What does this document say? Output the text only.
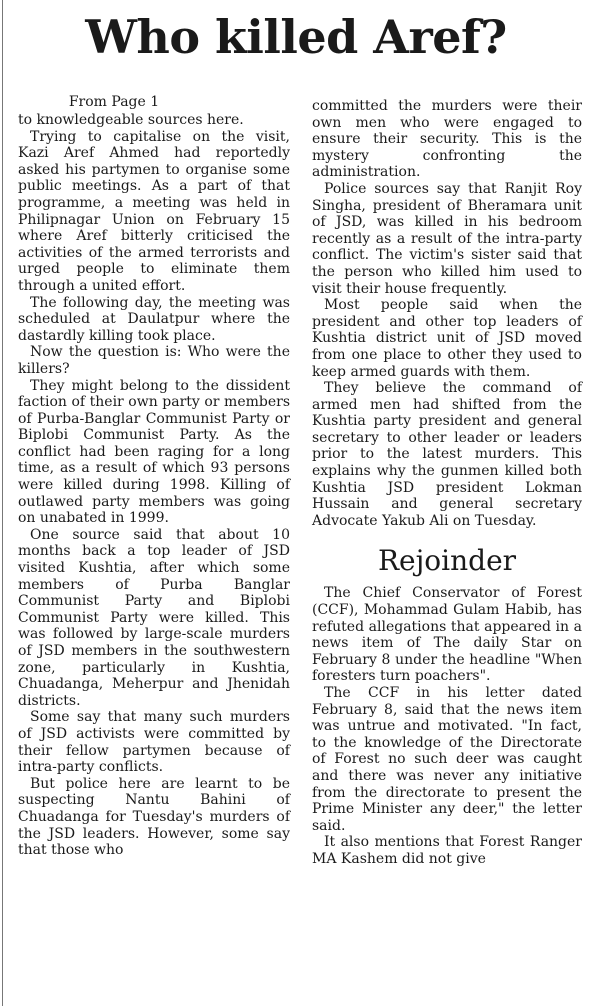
Who killed Aref?
From Page 1

to knowledgeable sources here.

Trying to capitalise on the visit, Kazi Aref Ahmed had reportedly asked his partymen to organise some public meetings. As a part of that programme, a meeting was held in Philipnagar Union on February 15 where Aref bitterly criticised the activities of the armed terrorists and urged people to eliminate them through a united effort.

The following day, the meeting was scheduled at Daulatpur where the dastardly killing took place.

Now the question is: Who were the killers?

They might belong to the dissident faction of their own party or members of Purba-Banglar Communist Party or Biplobi Communist Party. As the conflict had been raging for a long time, as a result of which 93 persons were killed during 1998. Killing of outlawed party members was going on unabated in 1999.

One source said that about 10 months back a top leader of JSD visited Kushtia, after which some members of Purba Banglar Communist Party and Biplobi Communist Party were killed. This was followed by large-scale murders of JSD members in the southwestern zone, particularly in Kushtia, Chuadanga, Meherpur and Jhenidah districts.

Some say that many such murders of JSD activists were committed by their fellow partymen because of intra-party conflicts.

But police here are learnt to be suspecting Nantu Bahini of Chuadanga for Tuesday's murders of the JSD leaders. However, some say that those who

committed the murders were their own men who were engaged to ensure their security. This is the mystery confronting the administration.

Police sources say that Ranjit Roy Singha, president of Bheramara unit of JSD, was killed in his bedroom recently as a result of the intra-party conflict. The victim's sister said that the person who killed him used to visit their house frequently.

Most people said when the president and other top leaders of Kushtia district unit of JSD moved from one place to other they used to keep armed guards with them.

They believe the command of armed men had shifted from the Kushtia party president and general secretary to other leader or leaders prior to the latest murders. This explains why the gunmen killed both Kushtia JSD president Lokman Hussain and general secretary Advocate Yakub Ali on Tuesday.

Rejoinder

The Chief Conservator of Forest (CCF), Mohammad Gulam Habib, has refuted allegations that appeared in a news item of The daily Star on February 8 under the headline "When foresters turn poachers".

The CCF in his letter dated February 8, said that the news item was untrue and motivated. "In fact, to the knowledge of the Directorate of Forest no such deer was caught and there was never any initiative from the directorate to present the Prime Minister any deer," the letter said.

It also mentions that Forest Ranger MA Kashem did not give
